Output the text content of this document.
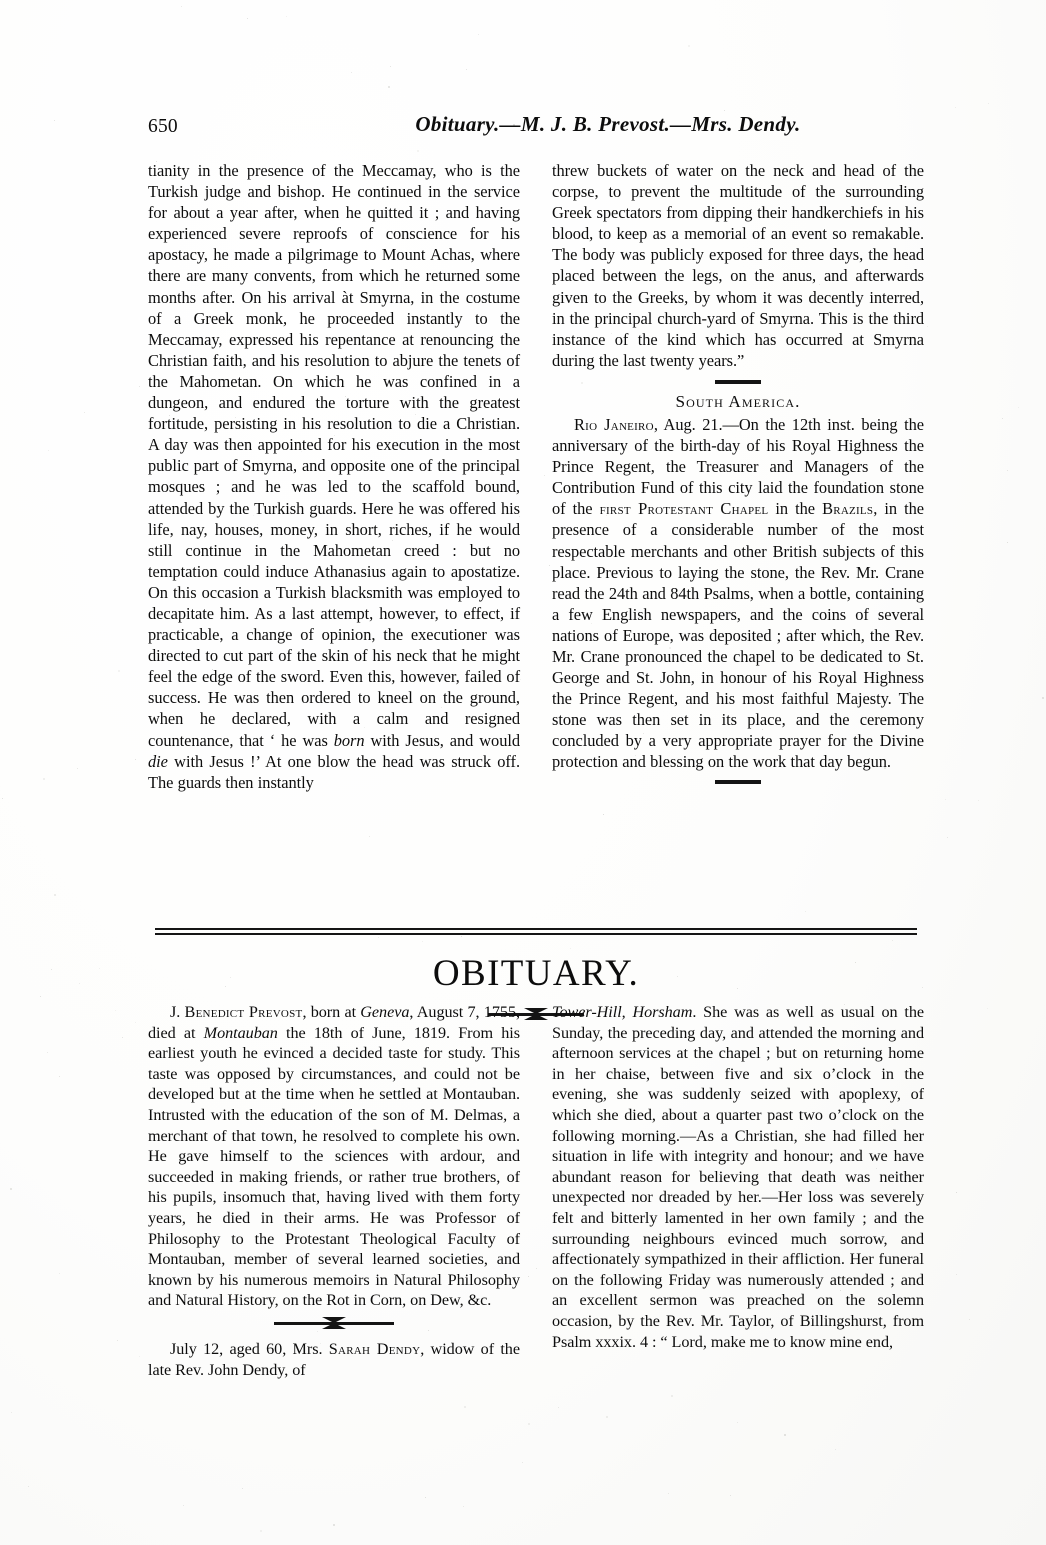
650	Obituary.—M. J. B. Prevost.—Mrs. Dendy.

tianity in the presence of the Meccamay, who is the Turkish judge and bishop. He continued in the service for about a year after, when he quitted it ; and having experienced severe reproofs of conscience for his apostacy, he made a pilgrimage to Mount Achas, where there are many convents, from which he returned some months after. On his arrival àt Smyrna, in the costume of a Greek monk, he proceeded instantly to the Meccamay, expressed his repentance at renouncing the Christian faith, and his resolution to abjure the tenets of the Mahometan. On which he was confined in a dungeon, and endured the torture with the greatest fortitude, persisting in his resolution to die a Christian. A day was then appointed for his execution in the most public part of Smyrna, and opposite one of the principal mosques ; and he was led to the scaffold bound, attended by the Turkish guards. Here he was offered his life, nay, houses, money, in short, riches, if he would still continue in the Mahometan creed : but no temptation could induce Athanasius again to apostatize. On this occasion a Turkish blacksmith was employed to decapitate him. As a last attempt, however, to effect, if practicable, a change of opinion, the executioner was directed to cut part of the skin of his neck that he might feel the edge of the sword. Even this, however, failed of success. He was then ordered to kneel on the ground, when he declared, with a calm and resigned countenance, that ‘ he was born with Jesus, and would die with Jesus !’ At one blow the head was struck off. The guards then instantly

threw buckets of water on the neck and head of the corpse, to prevent the multitude of the surrounding Greek spectators from dipping their handkerchiefs in his blood, to keep as a memorial of an event so remakable. The body was publicly exposed for three days, the head placed between the legs, on the anus, and afterwards given to the Greeks, by whom it was decently interred, in the principal church-yard of Smyrna. This is the third instance of the kind which has occurred at Smyrna during the last twenty years.”

South America.

Rio Janeiro, Aug. 21.—On the 12th inst. being the anniversary of the birth-day of his Royal Highness the Prince Regent, the Treasurer and Managers of the Contribution Fund of this city laid the foundation stone of the first Protestant Chapel in the Brazils, in the presence of a considerable number of the most respectable merchants and other British subjects of this place. Previous to laying the stone, the Rev. Mr. Crane read the 24th and 84th Psalms, when a bottle, containing a few English newspapers, and the coins of several nations of Europe, was deposited ; after which, the Rev. Mr. Crane pronounced the chapel to be dedicated to St. George and St. John, in honour of his Royal Highness the Prince Regent, and his most faithful Majesty. The stone was then set in its place, and the ceremony concluded by a very appropriate prayer for the Divine protection and blessing on the work that day begun.

OBITUARY.

J. Benedict Prevost, born at Geneva, August 7, 1755, died at Montauban the 18th of June, 1819. From his earliest youth he evinced a decided taste for study. This taste was opposed by circumstances, and could not be developed but at the time when he settled at Montauban. Intrusted with the education of the son of M. Delmas, a merchant of that town, he resolved to complete his own. He gave himself to the sciences with ardour, and succeeded in making friends, or rather true brothers, of his pupils, insomuch that, having lived with them forty years, he died in their arms. He was Professor of Philosophy to the Protestant Theological Faculty of Montauban, member of several learned societies, and known by his numerous memoirs in Natural Philosophy and Natural History, on the Rot in Corn, on Dew, &c.

July 12, aged 60, Mrs. Sarah Dendy, widow of the late Rev. John Dendy, of

Tower-Hill, Horsham. She was as well as usual on the Sunday, the preceding day, and attended the morning and afternoon services at the chapel ; but on returning home in her chaise, between five and six o’clock in the evening, she was suddenly seized with apoplexy, of which she died, about a quarter past two o’clock on the following morning.—As a Christian, she had filled her situation in life with integrity and honour; and we have abundant reason for believing that death was neither unexpected nor dreaded by her.—Her loss was severely felt and bitterly lamented in her own family ; and the surrounding neighbours evinced much sorrow, and affectionately sympathized in their affliction. Her funeral on the following Friday was numerously attended ; and an excellent sermon was preached on the solemn occasion, by the Rev. Mr. Taylor, of Billingshurst, from Psalm xxxix. 4 : “ Lord, make me to know mine end,
